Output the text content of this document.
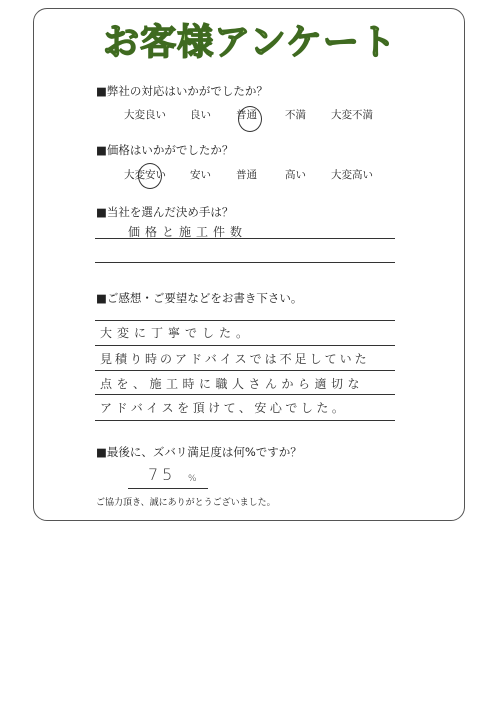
お客様アンケート
■弊社の対応はいかがでしたか？
大変良い 良い 普通	不満 大変不満
■価格はいかがでしたか？
大変安い 安い 普通	高い 大変高い
■当社を選んだ決め手は？
価格と施工件数
■ご感想・ご要望などをお書き下さい。
大変に丁寧でした。
見積り時のアドバイスでは不足していた
点を、施工時に職人さんから適切な
アドバイスを頂けて、安心でした。
■最後に、ズバリ満足度は何%ですか？
75 %
ご協力頂き、誠にありがとうございました。
